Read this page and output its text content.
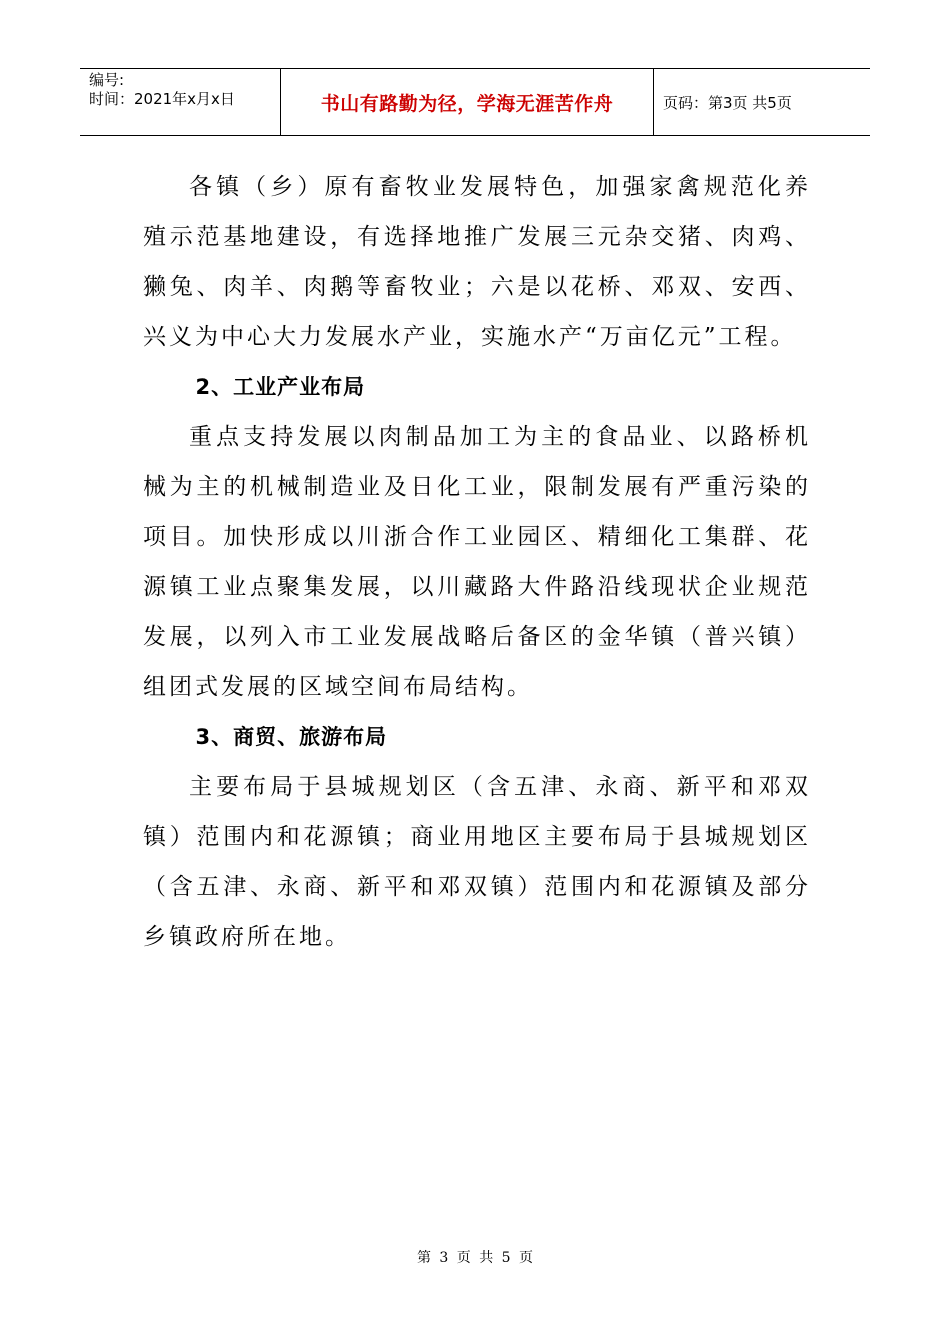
编号:
时间：2021年x月x日	书山有路勤为径，学海无涯苦作舟	页码：第3页 共5页

各镇（乡）原有畜牧业发展特色，加强家禽规范化养殖示范基地建设，有选择地推广发展三元杂交猪、肉鸡、獭兔、肉羊、肉鹅等畜牧业；六是以花桥、邓双、安西、兴义为中心大力发展水产业，实施水产“万亩亿元”工程。

2、工业产业布局

重点支持发展以肉制品加工为主的食品业、以路桥机械为主的机械制造业及日化工业，限制发展有严重污染的项目。加快形成以川浙合作工业园区、精细化工集群、花源镇工业点聚集发展，以川藏路大件路沿线现状企业规范发展，以列入市工业发展战略后备区的金华镇（普兴镇）组团式发展的区域空间布局结构。

3、商贸、旅游布局

主要布局于县城规划区（含五津、永商、新平和邓双镇）范围内和花源镇；商业用地区主要布局于县城规划区（含五津、永商、新平和邓双镇）范围内和花源镇及部分乡镇政府所在地。

第 3 页 共 5 页
